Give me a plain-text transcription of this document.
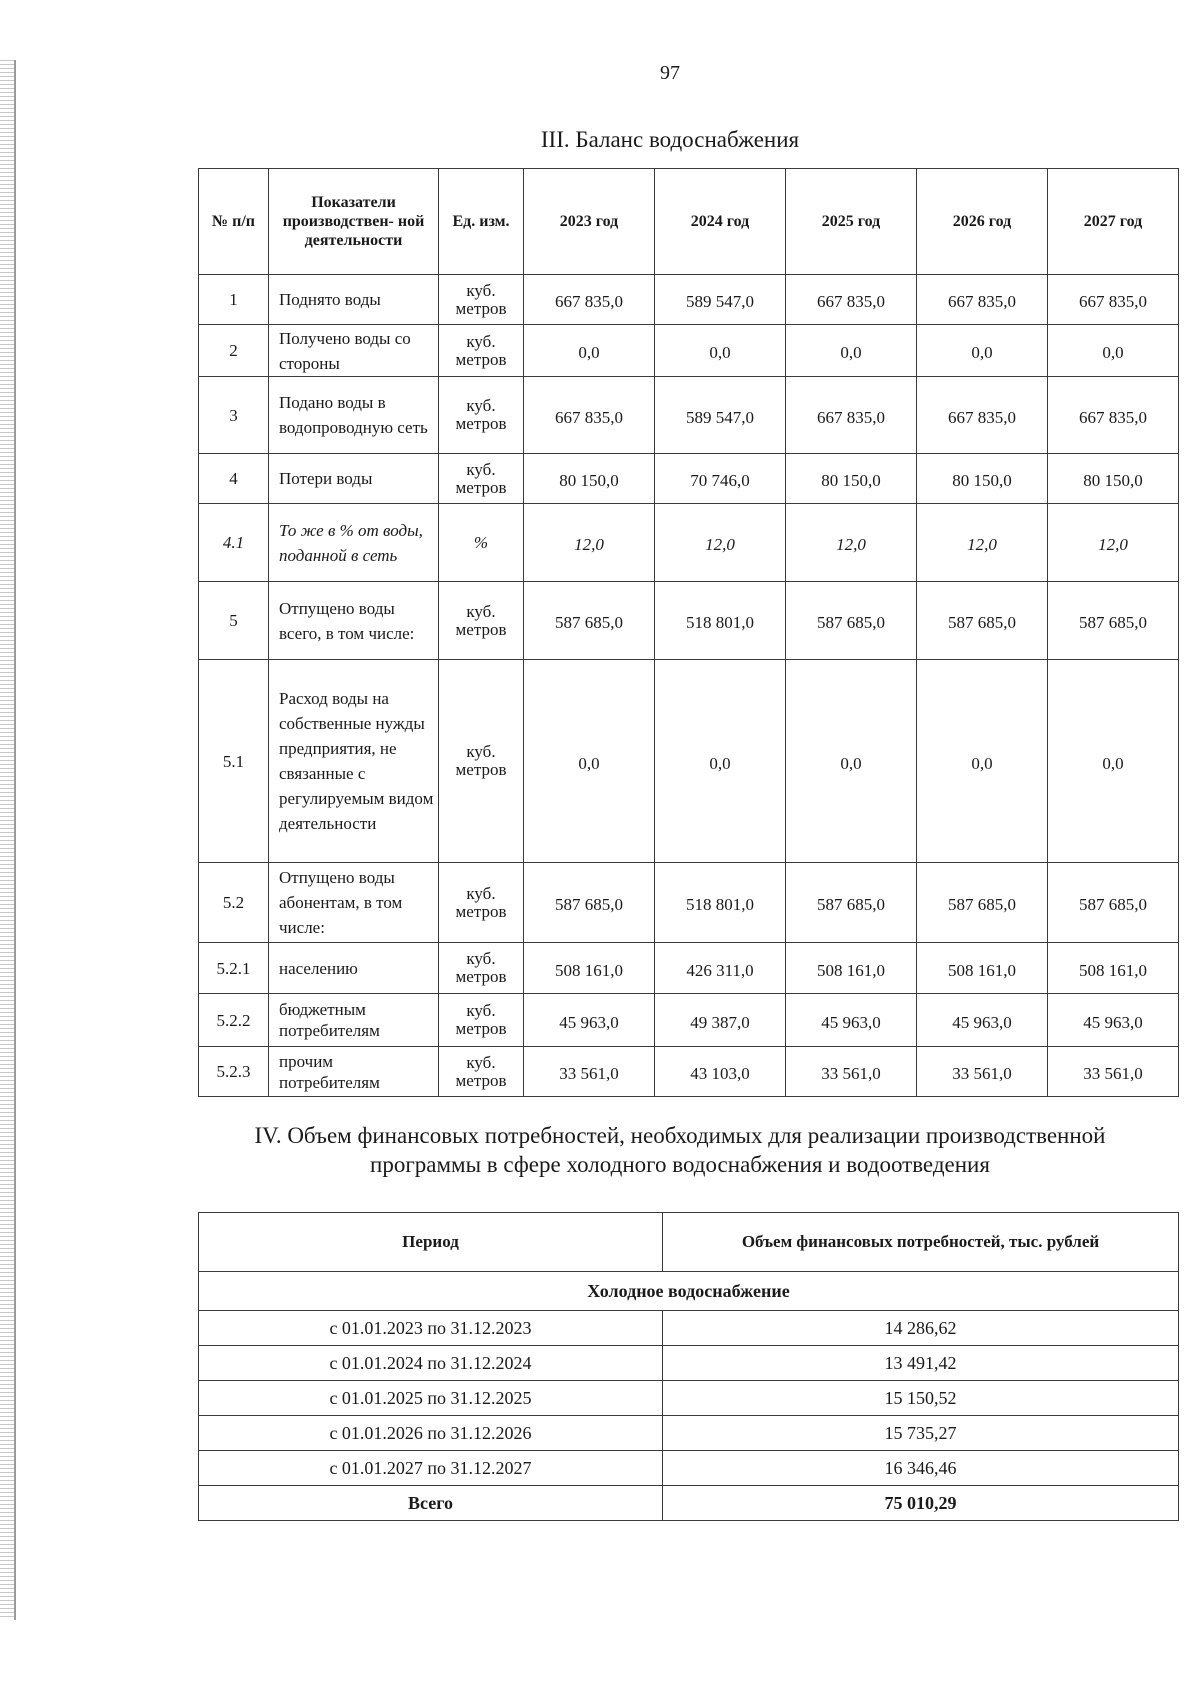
97
III. Баланс водоснабжения
№ п/п	Показатели производствен- ной деятельности	Ед. изм.	2023 год	2024 год	2025 год	2026 год	2027 год
1	Поднято воды	куб. метров	667 835,0	589 547,0	667 835,0	667 835,0	667 835,0
2	Получено воды со стороны	куб. метров	0,0	0,0	0,0	0,0	0,0
3	Подано воды в водопроводную сеть	куб. метров	667 835,0	589 547,0	667 835,0	667 835,0	667 835,0
4	Потери воды	куб. метров	80 150,0	70 746,0	80 150,0	80 150,0	80 150,0
4.1	То же в % от воды, поданной в сеть	%	12,0	12,0	12,0	12,0	12,0
5	Отпущено воды всего, в том числе:	куб. метров	587 685,0	518 801,0	587 685,0	587 685,0	587 685,0
5.1	Расход воды на собственные нужды предприятия, не связанные с регулируемым видом деятельности	куб. метров	0,0	0,0	0,0	0,0	0,0
5.2	Отпущено воды абонентам, в том числе:	куб. метров	587 685,0	518 801,0	587 685,0	587 685,0	587 685,0
5.2.1	населению	куб. метров	508 161,0	426 311,0	508 161,0	508 161,0	508 161,0
5.2.2	бюджетным потребителям	куб. метров	45 963,0	49 387,0	45 963,0	45 963,0	45 963,0
5.2.3	прочим потребителям	куб. метров	33 561,0	43 103,0	33 561,0	33 561,0	33 561,0
IV. Объем финансовых потребностей, необходимых для реализации производственной программы в сфере холодного водоснабжения и водоотведения
Период	Объем финансовых потребностей, тыс. рублей
Холодное водоснабжение	
с 01.01.2023 по 31.12.2023	14 286,62
с 01.01.2024 по 31.12.2024	13 491,42
с 01.01.2025 по 31.12.2025	15 150,52
с 01.01.2026 по 31.12.2026	15 735,27
с 01.01.2027 по 31.12.2027	16 346,46
Всего	75 010,29
